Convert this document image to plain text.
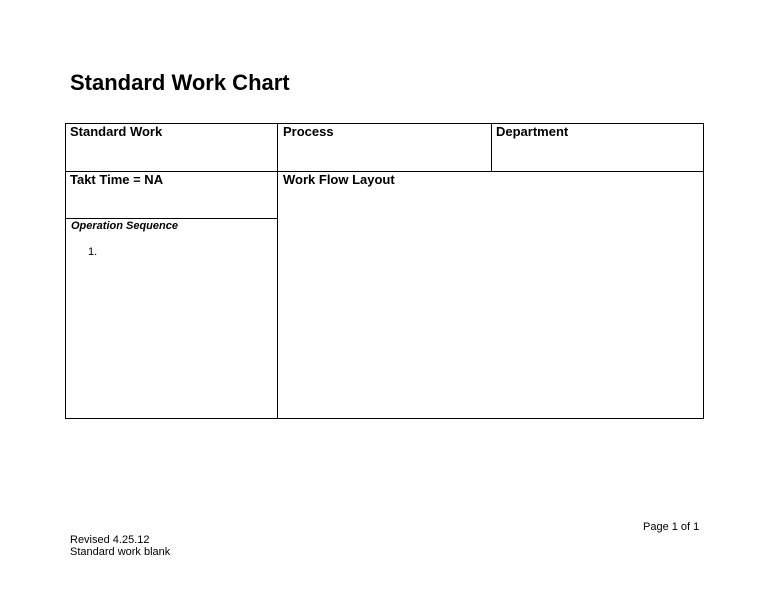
Standard Work Chart
Standard Work	Process	Department
Takt Time = NA	Work Flow Layout
Operation Sequence
1.
Page 1 of 1
Revised 4.25.12
Standard work blank
